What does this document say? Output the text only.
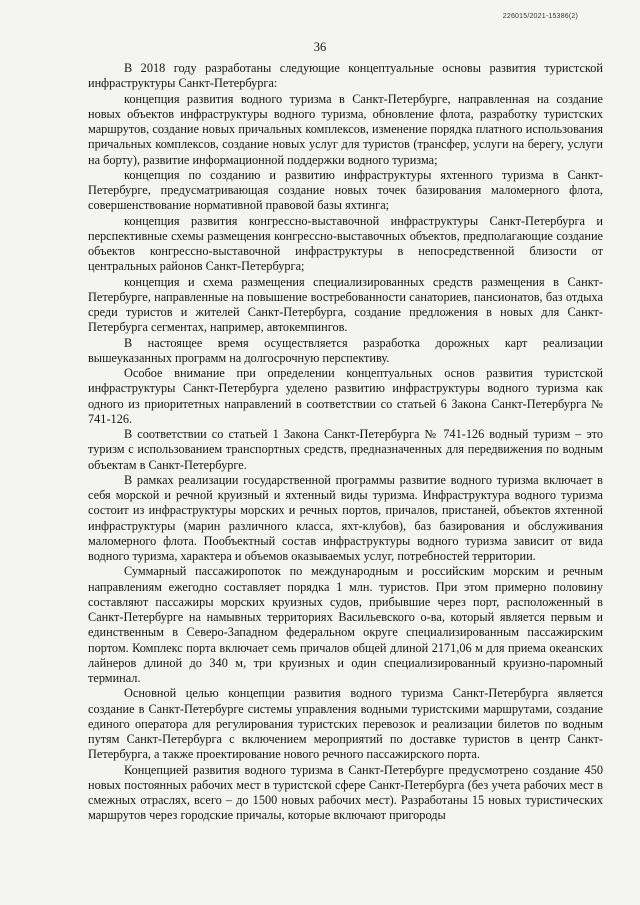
226015/2021-15386(2)
36

В 2018 году разработаны следующие концептуальные основы развития туристской инфраструктуры Санкт-Петербурга:

концепция развития водного туризма в Санкт-Петербурге, направленная на создание новых объектов инфраструктуры водного туризма, обновление флота, разработку туристских маршрутов, создание новых причальных комплексов, изменение порядка платного использования причальных комплексов, создание новых услуг для туристов (трансфер, услуги на берегу, услуги на борту), развитие информационной поддержки водного туризма;

концепция по созданию и развитию инфраструктуры яхтенного туризма в Санкт-Петербурге, предусматривающая создание новых точек базирования маломерного флота, совершенствование нормативной правовой базы яхтинга;

концепция развития конгрессно-выставочной инфраструктуры Санкт-Петербурга и перспективные схемы размещения конгрессно-выставочных объектов, предполагающие создание объектов конгрессно-выставочной инфраструктуры в непосредственной близости от центральных районов Санкт-Петербурга;

концепция и схема размещения специализированных средств размещения в Санкт-Петербурге, направленные на повышение востребованности санаториев, пансионатов, баз отдыха среди туристов и жителей Санкт-Петербурга, создание предложения в новых для Санкт-Петербурга сегментах, например, автокемпингов.

В настоящее время осуществляется разработка дорожных карт реализации вышеуказанных программ на долгосрочную перспективу.

Особое внимание при определении концептуальных основ развития туристской инфраструктуры Санкт-Петербурга уделено развитию инфраструктуры водного туризма как одного из приоритетных направлений в соответствии со статьей 6 Закона Санкт-Петербурга № 741-126.

В соответствии со статьей 1 Закона Санкт-Петербурга № 741-126 водный туризм – это туризм с использованием транспортных средств, предназначенных для передвижения по водным объектам в Санкт-Петербурге.

В рамках реализации государственной программы развитие водного туризма включает в себя морской и речной круизный и яхтенный виды туризма. Инфраструктура водного туризма состоит из инфраструктуры морских и речных портов, причалов, пристаней, объектов яхтенной инфраструктуры (марин различного класса, яхт-клубов), баз базирования и обслуживания маломерного флота. Пообъектный состав инфраструктуры водного туризма зависит от вида водного туризма, характера и объемов оказываемых услуг, потребностей территории.

Суммарный пассажиропоток по международным и российским морским и речным направлениям ежегодно составляет порядка 1 млн. туристов. При этом примерно половину составляют пассажиры морских круизных судов, прибывшие через порт, расположенный в Санкт-Петербурге на намывных территориях Васильевского о-ва, который является первым и единственным в Северо-Западном федеральном округе специализированным пассажирским портом. Комплекс порта включает семь причалов общей длиной 2171,06 м для приема океанских лайнеров длиной до 340 м, три круизных и один специализированный круизно-паромный терминал.

Основной целью концепции развития водного туризма Санкт-Петербурга является создание в Санкт-Петербурге системы управления водными туристскими маршрутами, создание единого оператора для регулирования туристских перевозок и реализации билетов по водным путям Санкт-Петербурга с включением мероприятий по доставке туристов в центр Санкт-Петербурга, а также проектирование нового речного пассажирского порта.

Концепцией развития водного туризма в Санкт-Петербурге предусмотрено создание 450 новых постоянных рабочих мест в туристской сфере Санкт-Петербурга (без учета рабочих мест в смежных отраслях, всего – до 1500 новых рабочих мест). Разработаны 15 новых туристических маршрутов через городские причалы, которые включают пригороды
